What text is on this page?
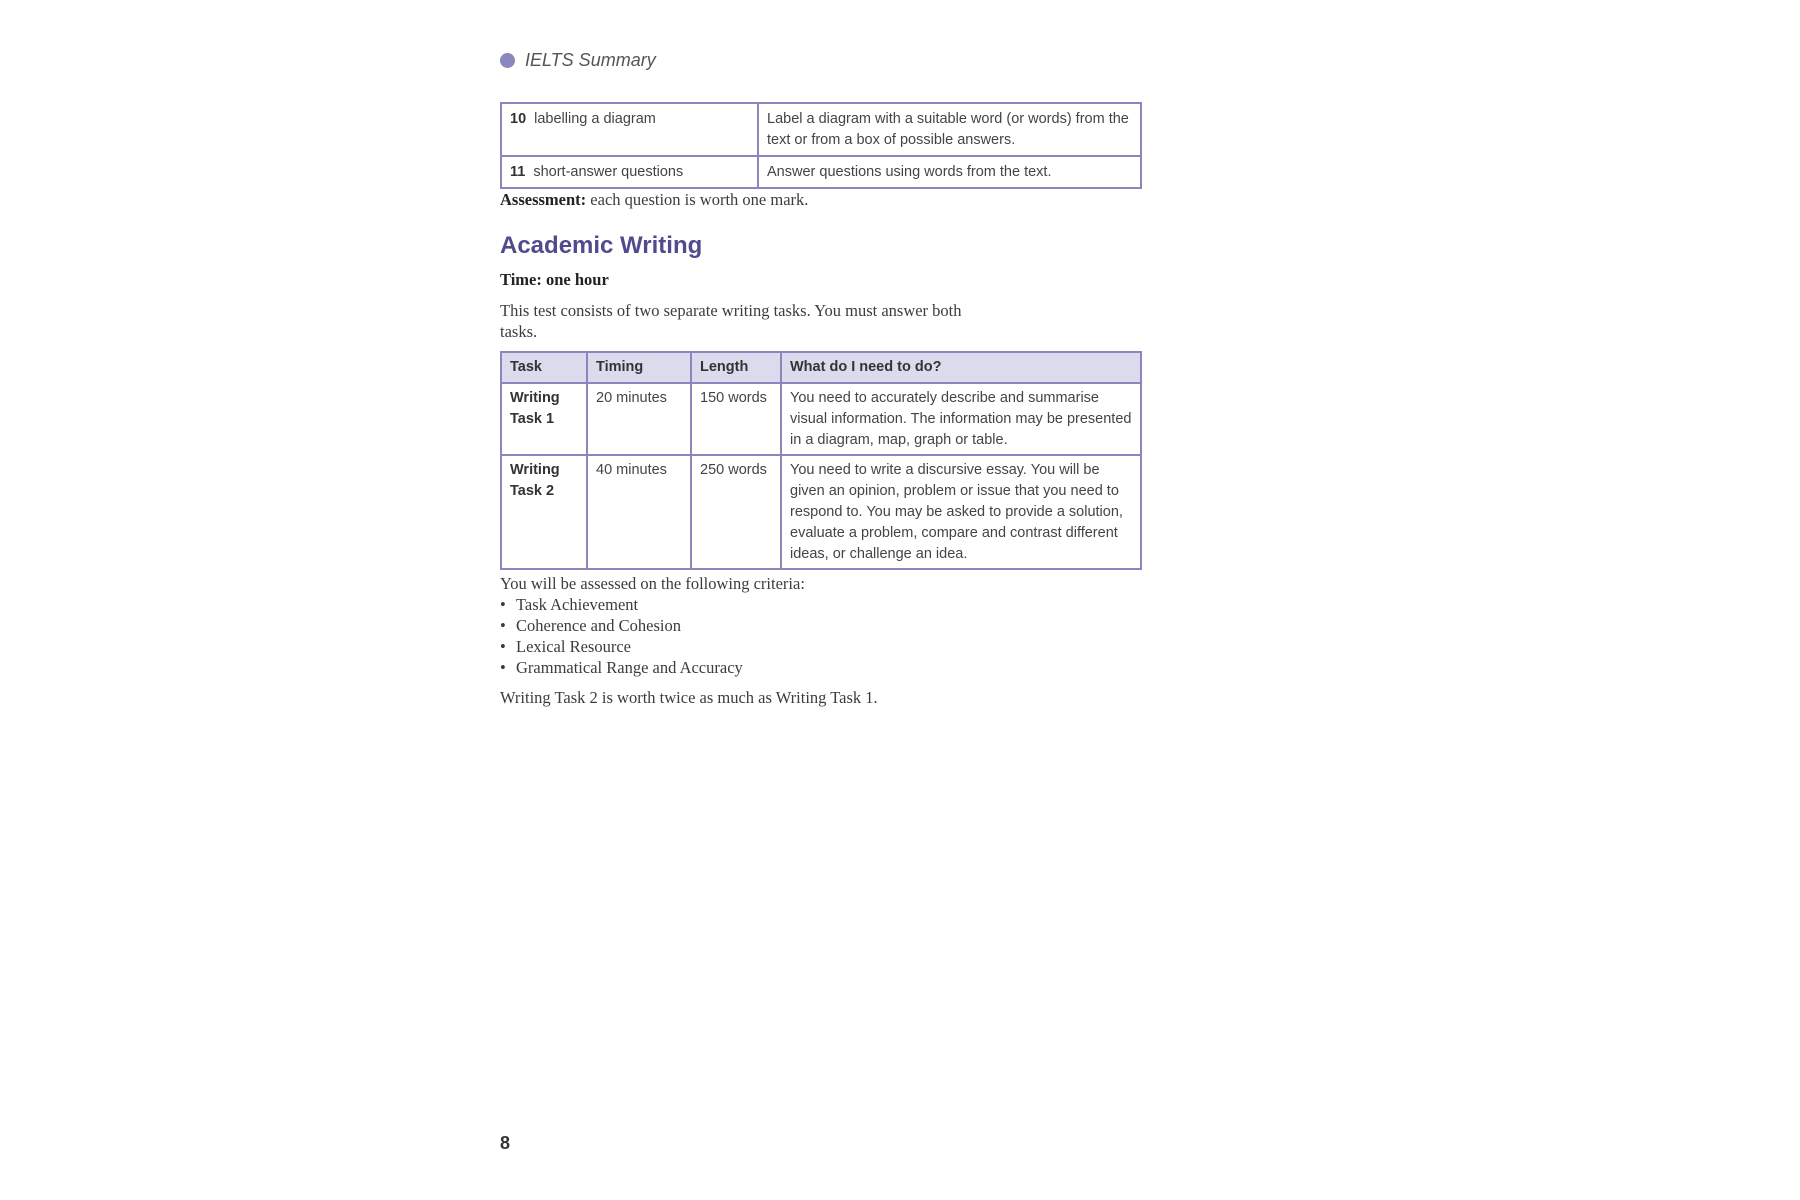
IELTS Summary
10 labelling a diagram	Label a diagram with a suitable word (or words) from the text or from a box of possible answers.
11 short-answer questions	Answer questions using words from the text.
Assessment: each question is worth one mark.
Academic Writing
Time: one hour
This test consists of two separate writing tasks. You must answer both tasks.
Task	Timing	Length	What do I need to do?
Writing
Task 1	20 minutes	150 words	You need to accurately describe and summarise visual information. The information may be presented in a diagram, map, graph or table.
Writing
Task 2	40 minutes	250 words	You need to write a discursive essay. You will be given an opinion, problem or issue that you need to respond to. You may be asked to provide a solution, evaluate a problem, compare and contrast different ideas, or challenge an idea.
You will be assessed on the following criteria:
• Task Achievement
• Coherence and Cohesion
• Lexical Resource
• Grammatical Range and Accuracy
Writing Task 2 is worth twice as much as Writing Task 1.
8
